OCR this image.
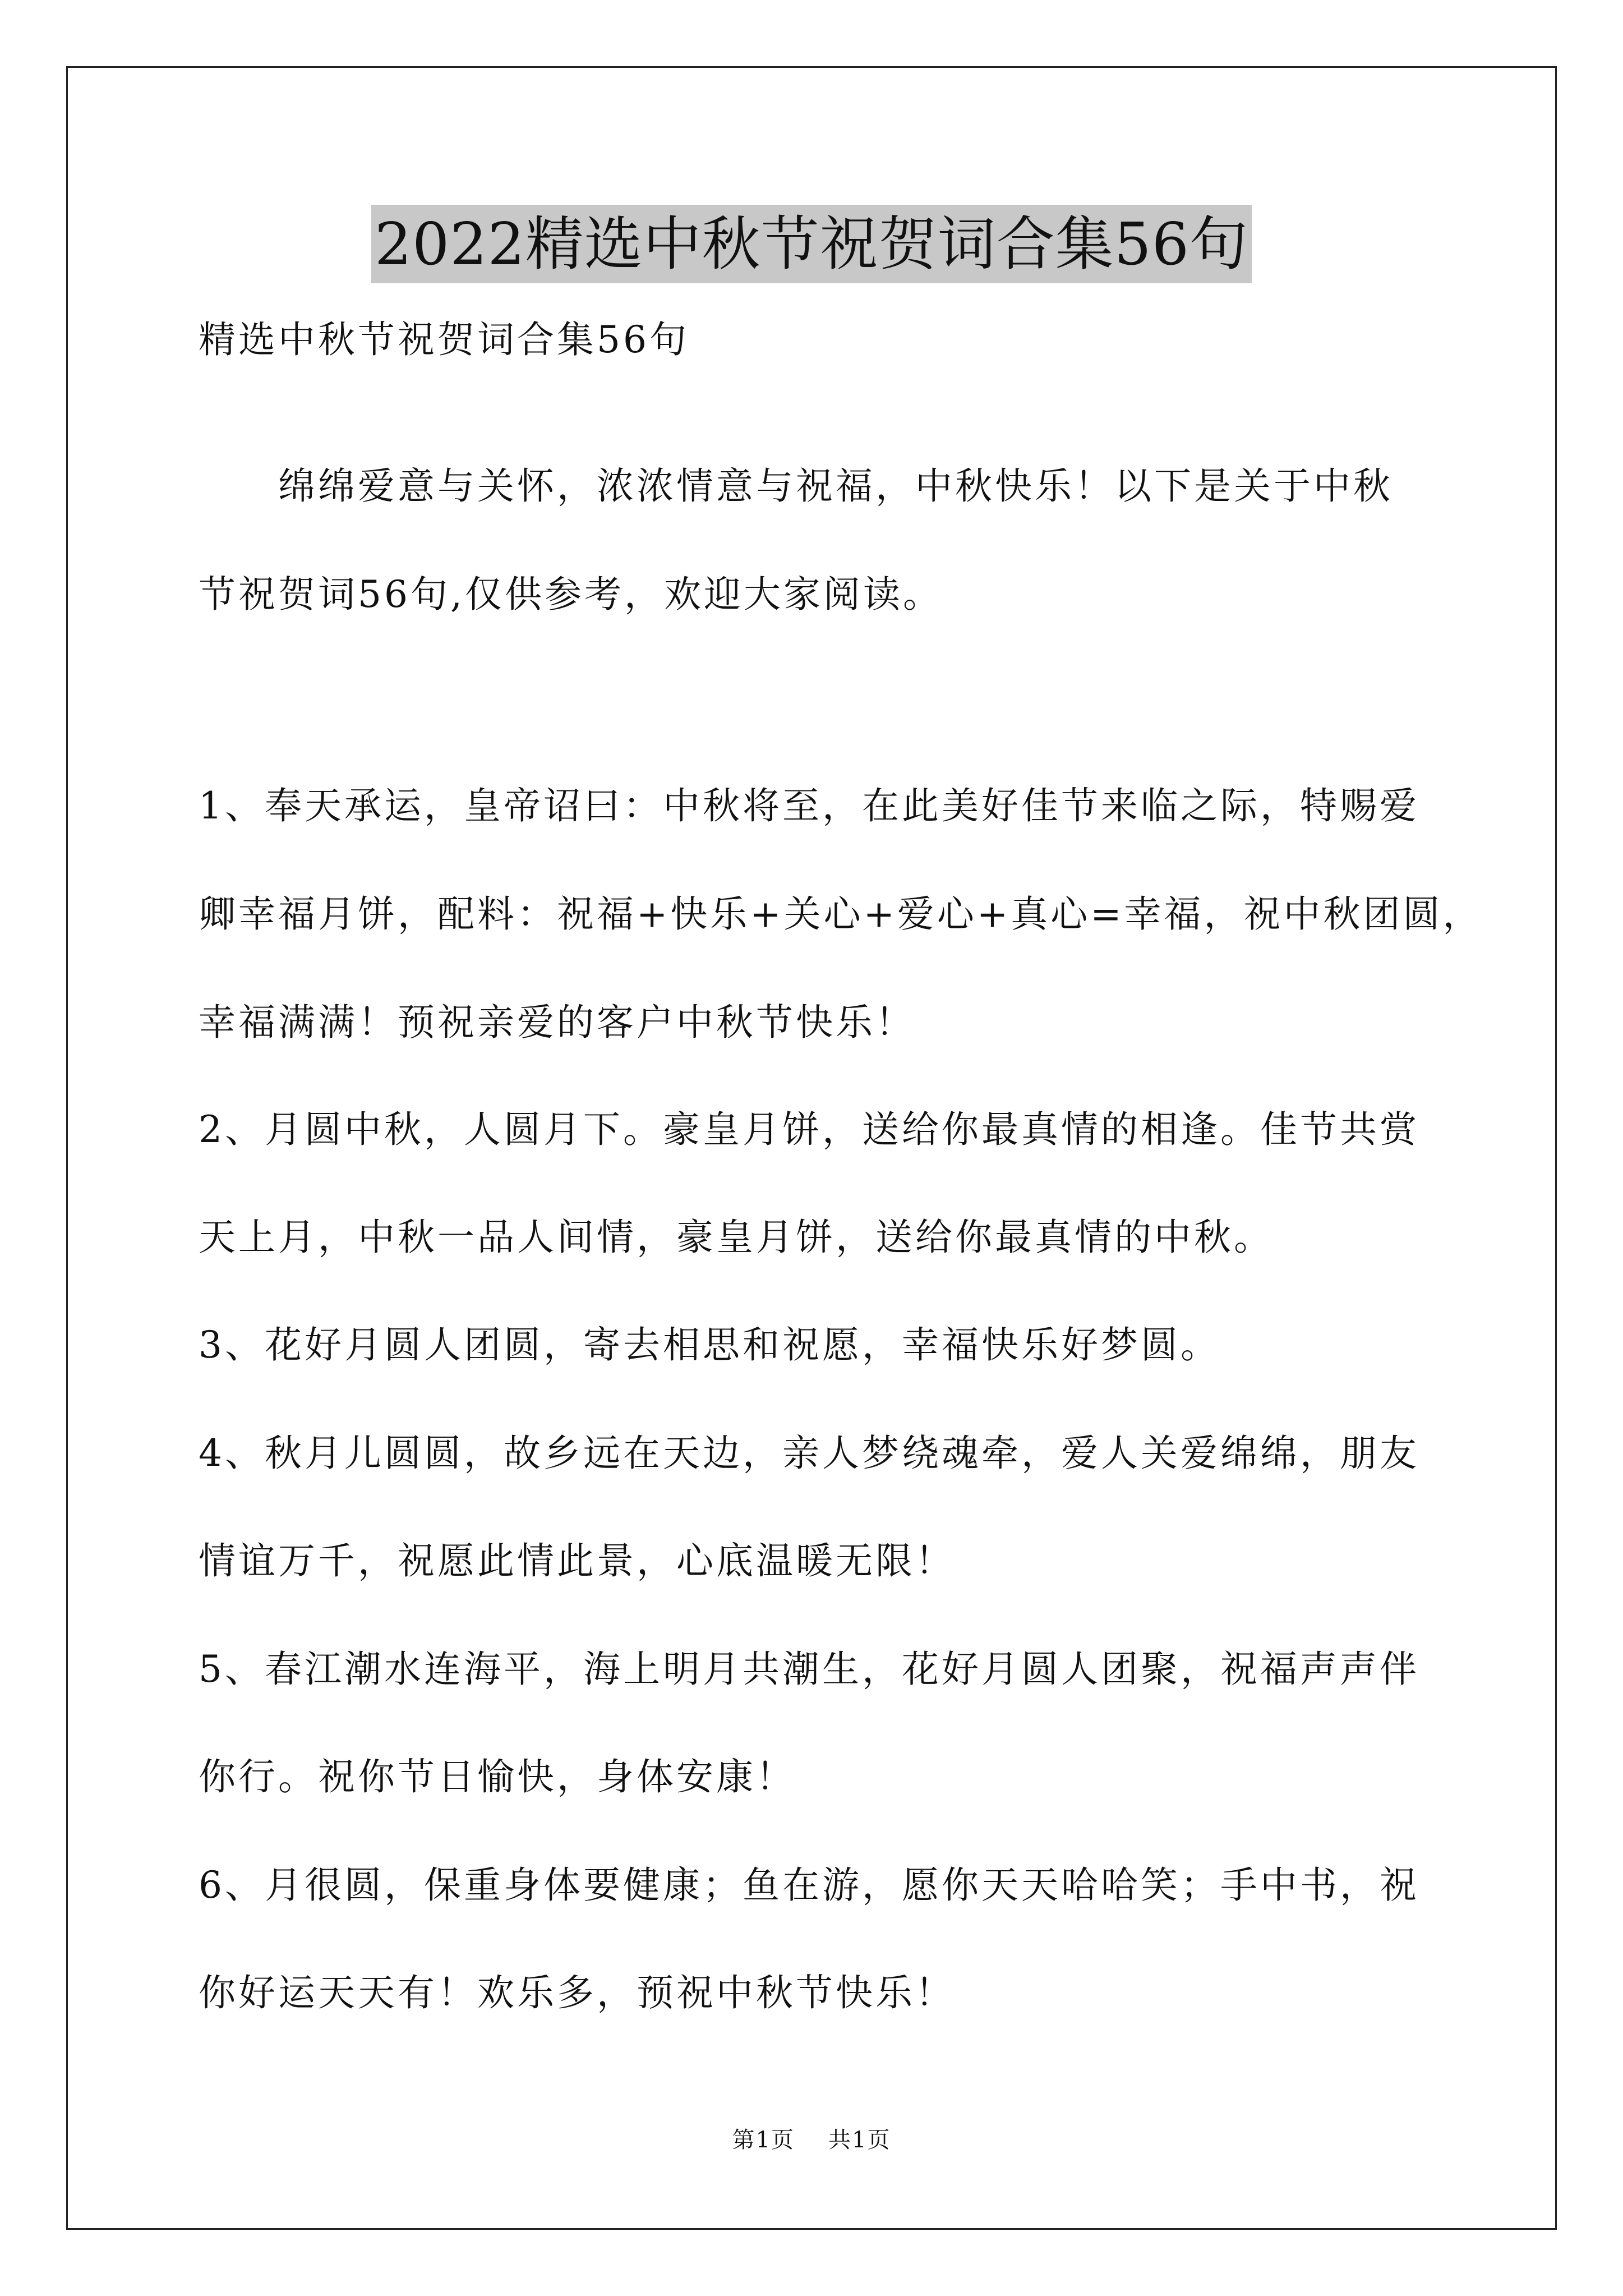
2022精选中秋节祝贺词合集56句
精选中秋节祝贺词合集56句
　　绵绵爱意与关怀，浓浓情意与祝福，中秋快乐！以下是关于中秋
节祝贺词56句,仅供参考，欢迎大家阅读。
1、奉天承运，皇帝诏曰：中秋将至，在此美好佳节来临之际，特赐爱
卿幸福月饼，配料：祝福+快乐+关心+爱心+真心=幸福，祝中秋团圆，
幸福满满！预祝亲爱的客户中秋节快乐！
2、月圆中秋，人圆月下。豪皇月饼，送给你最真情的相逢。佳节共赏
天上月，中秋一品人间情，豪皇月饼，送给你最真情的中秋。
3、花好月圆人团圆，寄去相思和祝愿，幸福快乐好梦圆。
4、秋月儿圆圆，故乡远在天边，亲人梦绕魂牵，爱人关爱绵绵，朋友
情谊万千，祝愿此情此景，心底温暖无限！
5、春江潮水连海平，海上明月共潮生，花好月圆人团聚，祝福声声伴
你行。祝你节日愉快，身体安康！
6、月很圆，保重身体要健康；鱼在游，愿你天天哈哈笑；手中书，祝
你好运天天有！欢乐多，预祝中秋节快乐！
第1页 共1页
